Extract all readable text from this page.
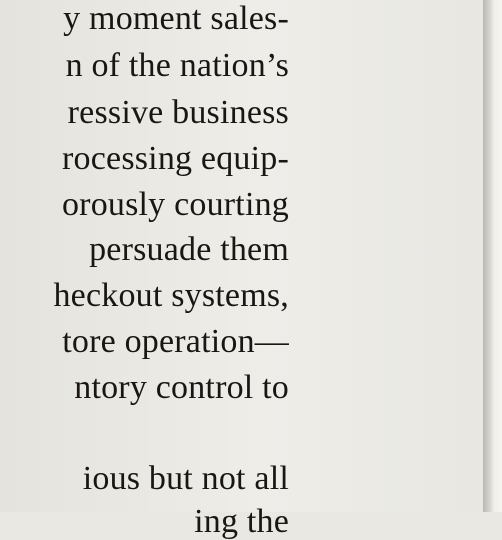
y moment sales-
n of the nation’s
ressive business
rocessing equip-
orously courting
persuade them
heckout systems,
tore operation—
ntory control to
ious but not all
ing the
